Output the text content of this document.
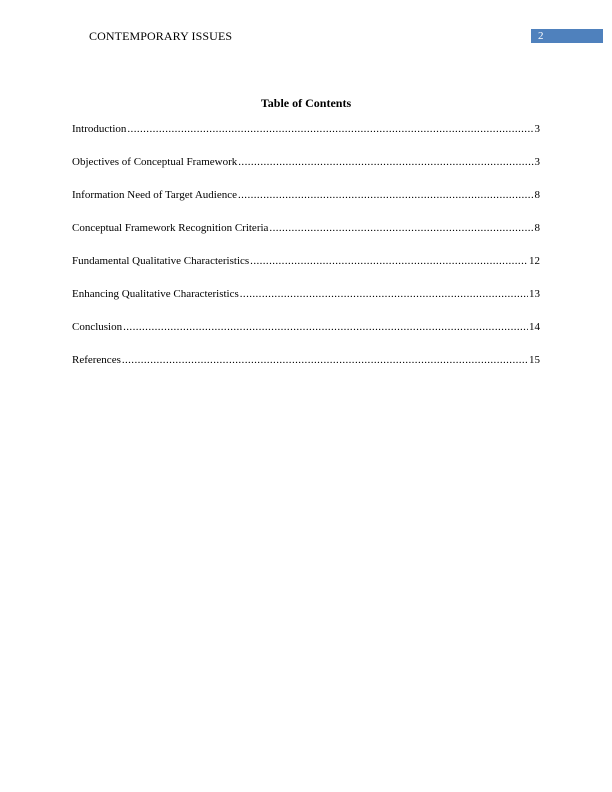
CONTEMPORARY ISSUES	2
Table of Contents
Introduction .....	3
Objectives of Conceptual Framework .....	3
Information Need of Target Audience .....	8
Conceptual Framework Recognition Criteria .....	8
Fundamental Qualitative Characteristics .....	12
Enhancing Qualitative Characteristics .....	13
Conclusion .....	14
References .....	15
